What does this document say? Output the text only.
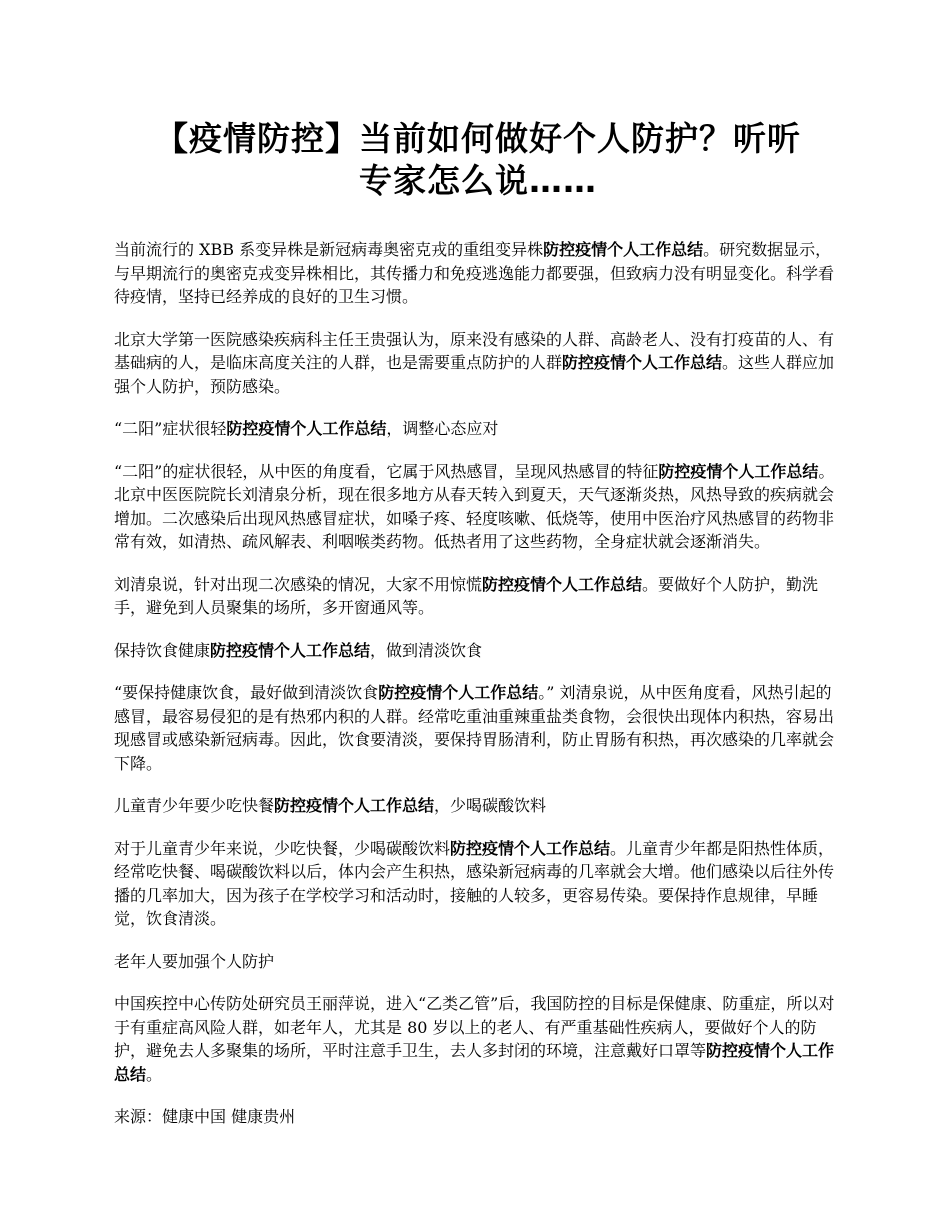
【疫情防控】当前如何做好个人防护？听听
专家怎么说……

当前流行的 XBB 系变异株是新冠病毒奥密克戎的重组变异株防控疫情个人工作总结。研究数据显示，与早期流行的奥密克戎变异株相比，其传播力和免疫逃逸能力都要强，但致病力没有明显变化。科学看待疫情，坚持已经养成的良好的卫生习惯。

北京大学第一医院感染疾病科主任王贵强认为，原来没有感染的人群、高龄老人、没有打疫苗的人、有基础病的人，是临床高度关注的人群，也是需要重点防护的人群防控疫情个人工作总结。这些人群应加强个人防护，预防感染。

“二阳”症状很轻防控疫情个人工作总结，调整心态应对

“二阳”的症状很轻，从中医的角度看，它属于风热感冒，呈现风热感冒的特征防控疫情个人工作总结。北京中医医院院长刘清泉分析，现在很多地方从春天转入到夏天，天气逐渐炎热，风热导致的疾病就会增加。二次感染后出现风热感冒症状，如嗓子疼、轻度咳嗽、低烧等，使用中医治疗风热感冒的药物非常有效，如清热、疏风解表、利咽喉类药物。低热者用了这些药物，全身症状就会逐渐消失。

刘清泉说，针对出现二次感染的情况，大家不用惊慌防控疫情个人工作总结。要做好个人防护，勤洗手，避免到人员聚集的场所，多开窗通风等。

保持饮食健康防控疫情个人工作总结，做到清淡饮食

“要保持健康饮食，最好做到清淡饮食防控疫情个人工作总结。” 刘清泉说，从中医角度看，风热引起的感冒，最容易侵犯的是有热邪内积的人群。经常吃重油重辣重盐类食物，会很快出现体内积热，容易出现感冒或感染新冠病毒。因此，饮食要清淡，要保持胃肠清利，防止胃肠有积热，再次感染的几率就会下降。

儿童青少年要少吃快餐防控疫情个人工作总结，少喝碳酸饮料

对于儿童青少年来说，少吃快餐，少喝碳酸饮料防控疫情个人工作总结。儿童青少年都是阳热性体质，经常吃快餐、喝碳酸饮料以后，体内会产生积热，感染新冠病毒的几率就会大增。他们感染以后往外传播的几率加大，因为孩子在学校学习和活动时，接触的人较多，更容易传染。要保持作息规律，早睡觉，饮食清淡。

老年人要加强个人防护

中国疾控中心传防处研究员王丽萍说，进入“乙类乙管”后，我国防控的目标是保健康、防重症，所以对于有重症高风险人群，如老年人，尤其是 80 岁以上的老人、有严重基础性疾病人，要做好个人的防护，避免去人多聚集的场所，平时注意手卫生，去人多封闭的环境，注意戴好口罩等防控疫情个人工作总结。

来源：健康中国 健康贵州
